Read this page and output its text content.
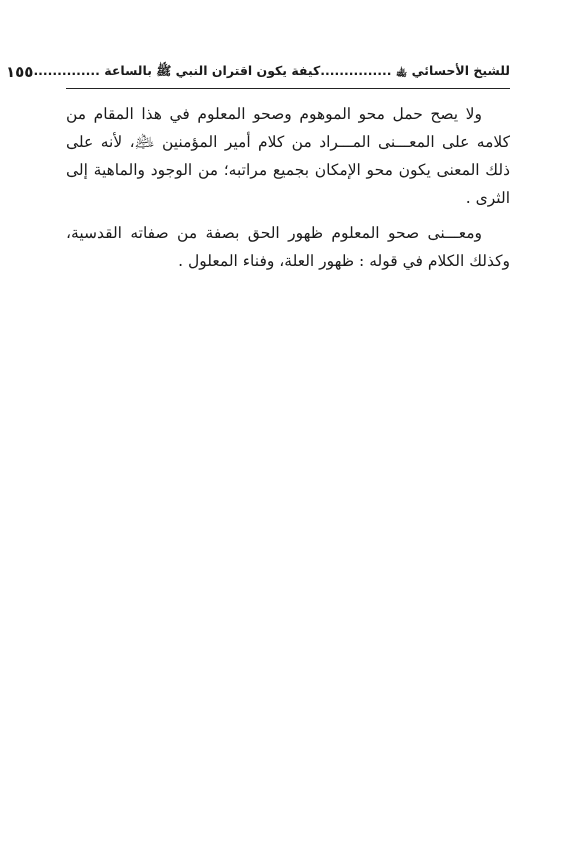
للشيخ الأحسائي ﵀ ...............
كيفة يكون اقتران النبي ﷺ بالساعة ..............
١٥٥

ولا يصح حمل محو الموهوم وصحو المعلوم في هذا المقام من كلامه على المعـــنى المـــراد من كلام أمير المؤمنين ﵇، لأنه على ذلك المعنى يكون محو الإمكان بجميع مراتبه؛ من الوجود والماهية إلى الثرى .

ومعـــنى صحو المعلوم ظهور الحق بصفة من صفاته القدسية، وكذلك الكلام في قوله : ظهور العلة، وفناء المعلول .
